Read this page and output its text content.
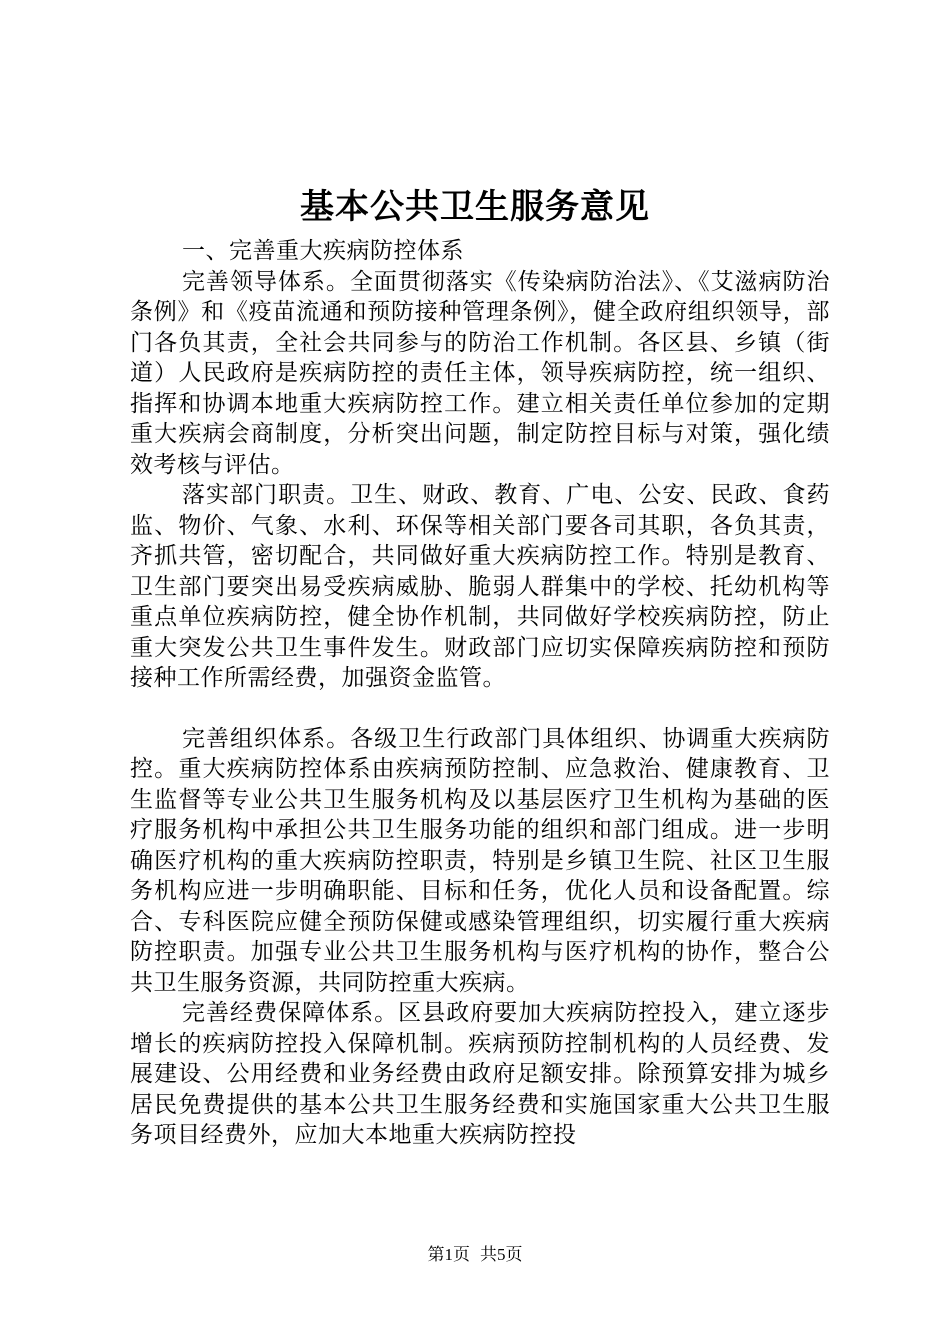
基本公共卫生服务意见

一、完善重大疾病防控体系

完善领导体系。全面贯彻落实《传染病防治法》、《艾滋病防治条例》和《疫苗流通和预防接种管理条例》，健全政府组织领导，部门各负其责，全社会共同参与的防治工作机制。各区县、乡镇（街道）人民政府是疾病防控的责任主体，领导疾病防控，统一组织、指挥和协调本地重大疾病防控工作。建立相关责任单位参加的定期重大疾病会商制度，分析突出问题，制定防控目标与对策，强化绩效考核与评估。

落实部门职责。卫生、财政、教育、广电、公安、民政、食药监、物价、气象、水利、环保等相关部门要各司其职，各负其责，齐抓共管，密切配合，共同做好重大疾病防控工作。特别是教育、卫生部门要突出易受疾病威胁、脆弱人群集中的学校、托幼机构等重点单位疾病防控，健全协作机制，共同做好学校疾病防控，防止重大突发公共卫生事件发生。财政部门应切实保障疾病防控和预防接种工作所需经费，加强资金监管。

完善组织体系。各级卫生行政部门具体组织、协调重大疾病防控。重大疾病防控体系由疾病预防控制、应急救治、健康教育、卫生监督等专业公共卫生服务机构及以基层医疗卫生机构为基础的医疗服务机构中承担公共卫生服务功能的组织和部门组成。进一步明确医疗机构的重大疾病防控职责，特别是乡镇卫生院、社区卫生服务机构应进一步明确职能、目标和任务，优化人员和设备配置。综合、专科医院应健全预防保健或感染管理组织，切实履行重大疾病防控职责。加强专业公共卫生服务机构与医疗机构的协作，整合公共卫生服务资源，共同防控重大疾病。

完善经费保障体系。区县政府要加大疾病防控投入，建立逐步增长的疾病防控投入保障机制。疾病预防控制机构的人员经费、发展建设、公用经费和业务经费由政府足额安排。除预算安排为城乡居民免费提供的基本公共卫生服务经费和实施国家重大公共卫生服务项目经费外，应加大本地重大疾病防控投

第1页 共5页
